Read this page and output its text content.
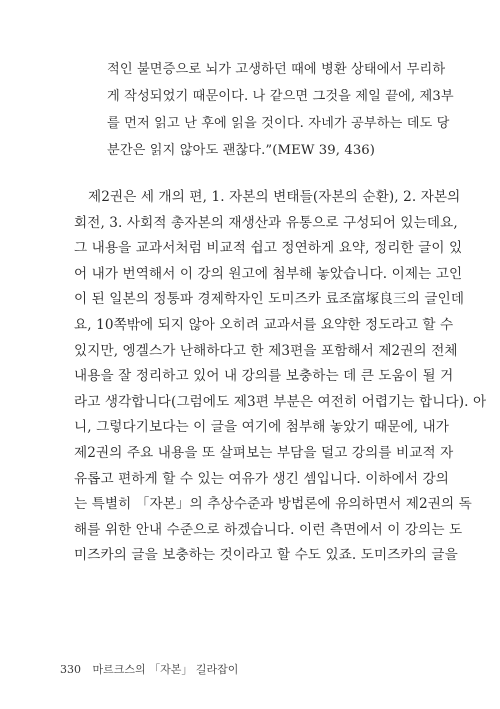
적인 불면증으로 뇌가 고생하던 때에 병환 상태에서 무리하
게 작성되었기 때문이다. 나 같으면 그것을 제일 끝에, 제3부
를 먼저 읽고 난 후에 읽을 것이다. 자네가 공부하는 데도 당
분간은 읽지 않아도 괜찮다.”(MEW 39, 436)
제2권은 세 개의 편, 1. 자본의 변태들(자본의 순환), 2. 자본의
회전, 3. 사회적 총자본의 재생산과 유통으로 구성되어 있는데요,
그 내용을 교과서처럼 비교적 쉽고 정연하게 요약, 정리한 글이 있
어 내가 번역해서 이 강의 원고에 첨부해 놓았습니다. 이제는 고인
이 된 일본의 정통파 경제학자인 도미즈카 료조富塚良三의 글인데
요, 10쪽밖에 되지 않아 오히려 교과서를 요약한 정도라고 할 수
있지만, 엥겔스가 난해하다고 한 제3편을 포함해서 제2권의 전체
내용을 잘 정리하고 있어 내 강의를 보충하는 데 큰 도움이 될 거
라고 생각합니다(그럼에도 제3편 부분은 여전히 어렵기는 합니다). 아
니, 그렇다기보다는 이 글을 여기에 첨부해 놓았기 때문에, 내가
제2권의 주요 내용을 또 살펴보는 부담을 덜고 강의를 비교적 자
유롭고 편하게 할 수 있는 여유가 생긴 셈입니다. 이하에서 강의
는 특별히 「자본」의 추상수준과 방법론에 유의하면서 제2권의 독
해를 위한 안내 수준으로 하겠습니다. 이런 측면에서 이 강의는 도
미즈카의 글을 보충하는 것이라고 할 수도 있죠. 도미즈카의 글을
330 마르크스의 「자본」 길라잡이
